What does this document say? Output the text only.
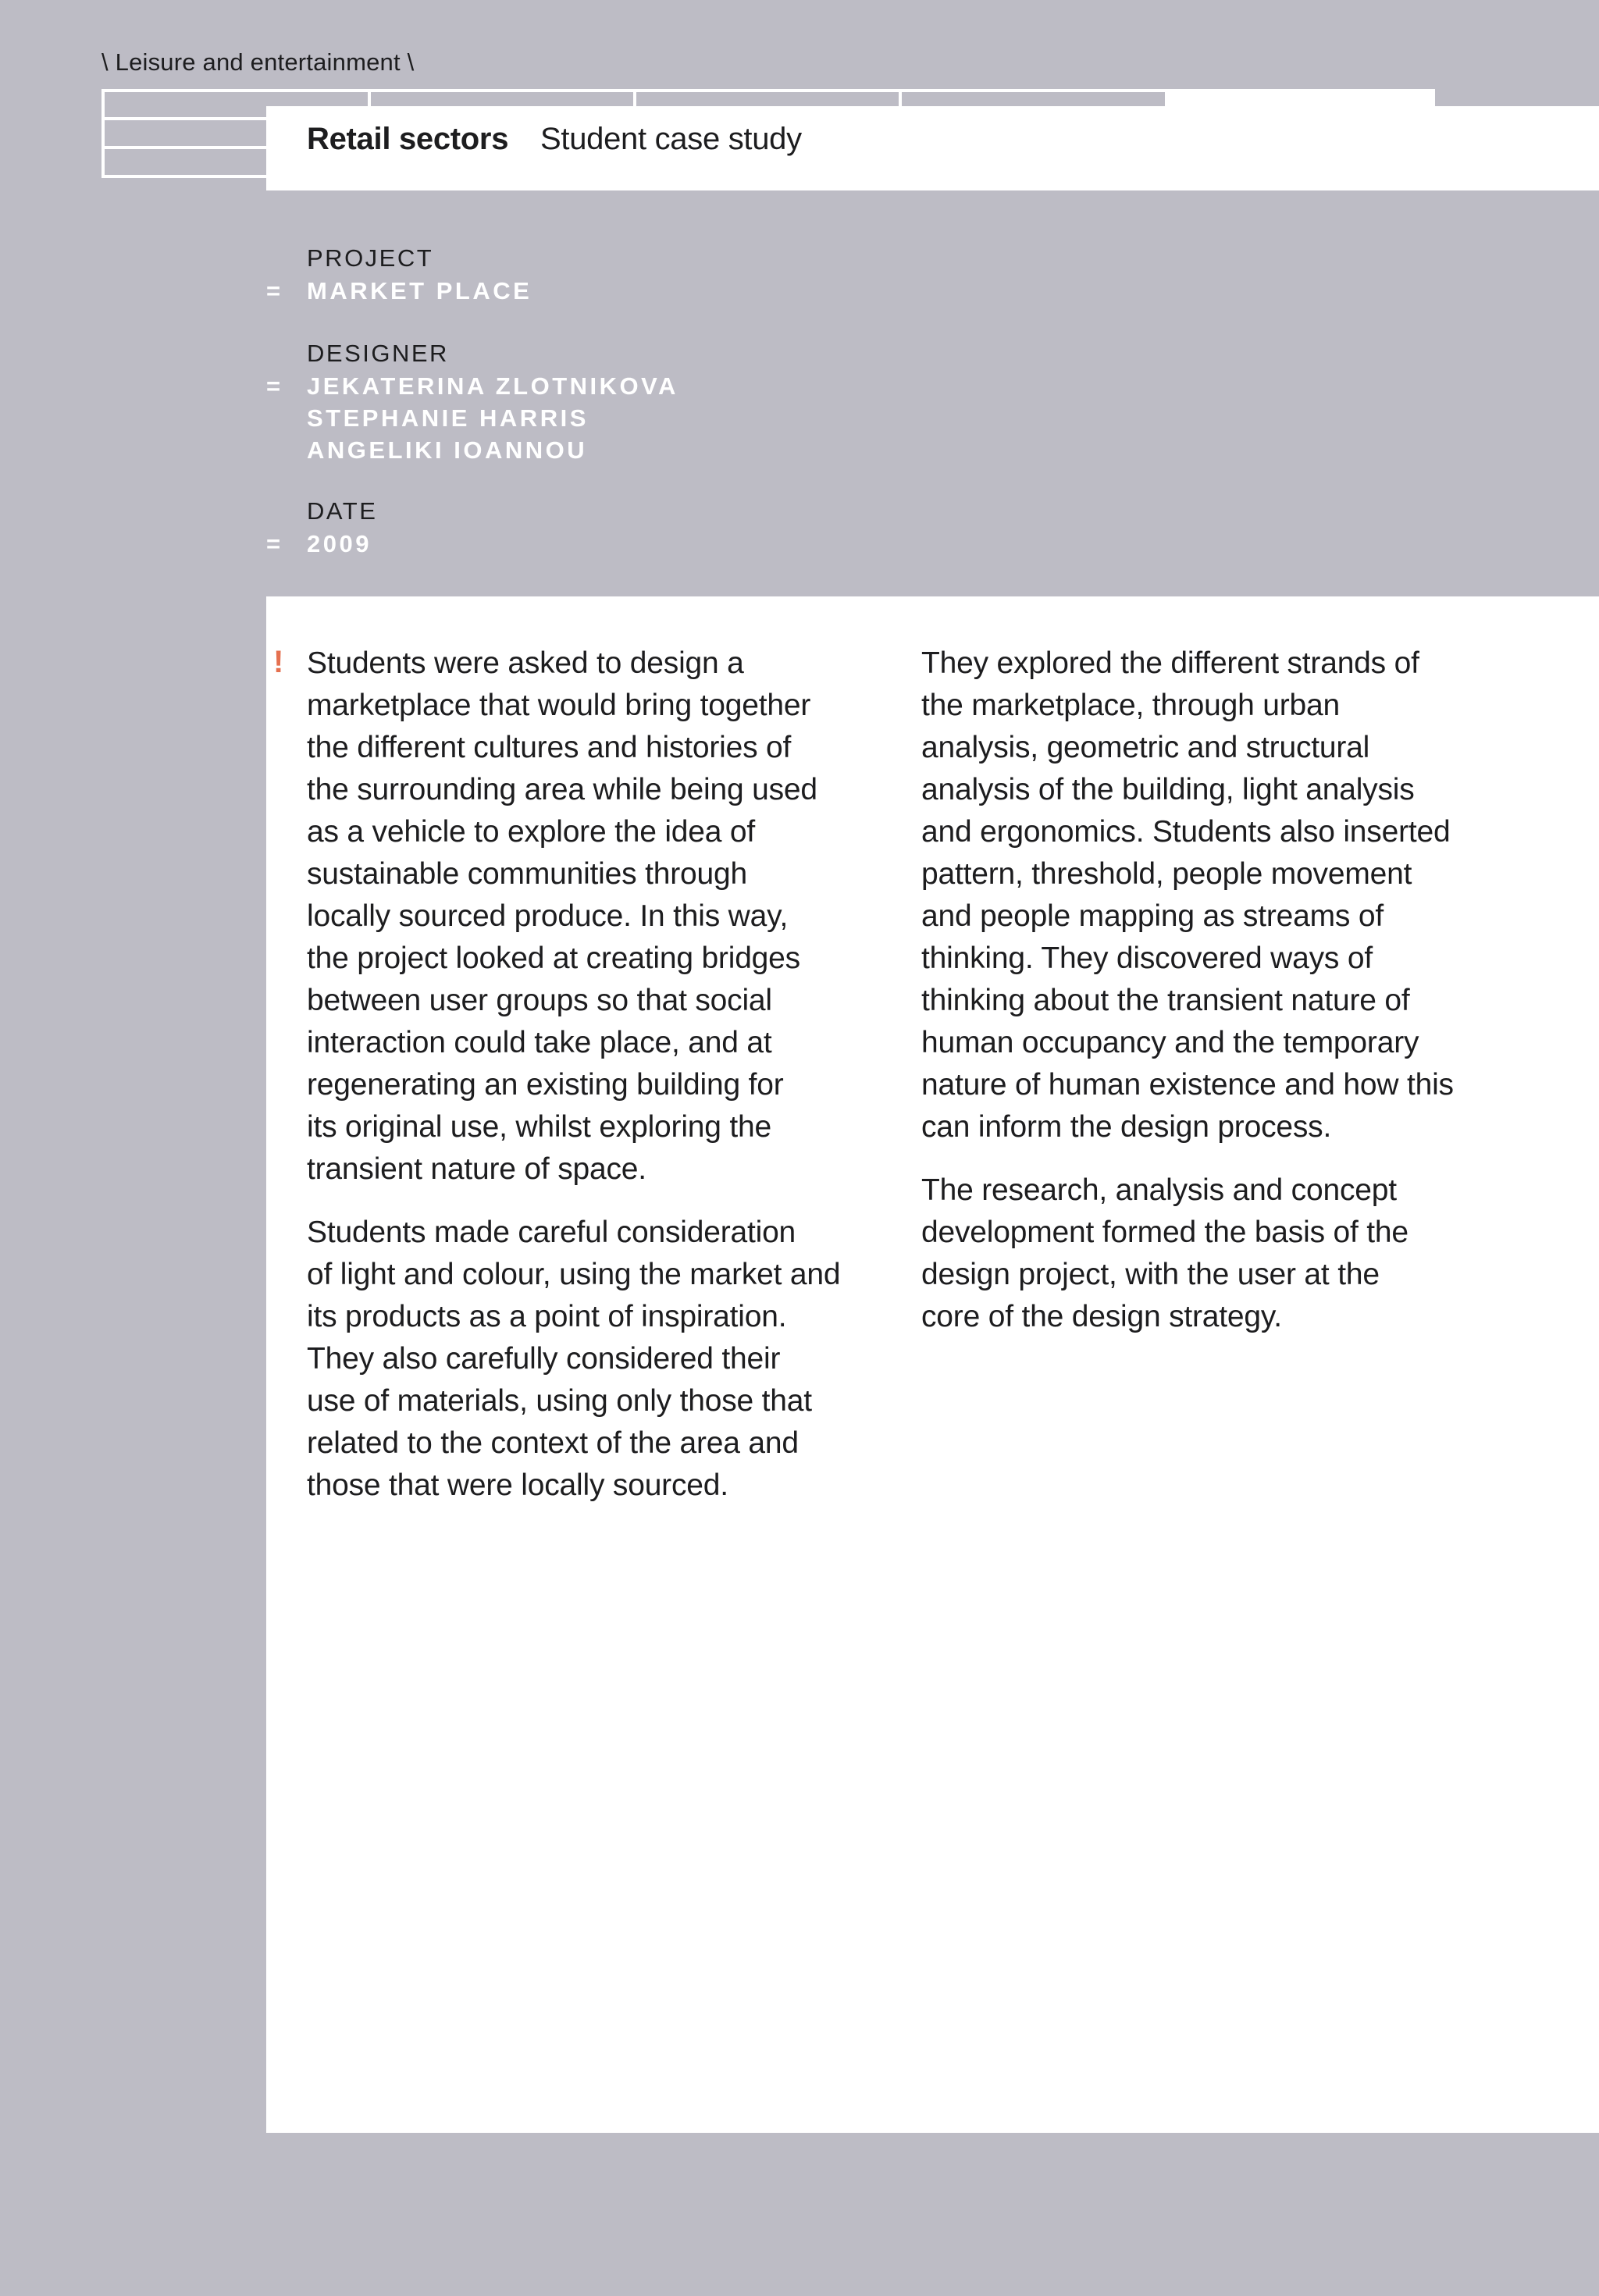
\ Leisure and entertainment \
Retail sectors Student case study
PROJECT
= MARKET PLACE
DESIGNER
= JEKATERINA ZLOTNIKOVA
STEPHANIE HARRIS
ANGELIKI IOANNOU
DATE
= 2009
! Students were asked to design a
marketplace that would bring together
the different cultures and histories of
the surrounding area while being used
as a vehicle to explore the idea of
sustainable communities through
locally sourced produce. In this way,
the project looked at creating bridges
between user groups so that social
interaction could take place, and at
regenerating an existing building for
its original use, whilst exploring the
transient nature of space.

Students made careful consideration
of light and colour, using the market and
its products as a point of inspiration.
They also carefully considered their
use of materials, using only those that
related to the context of the area and
those that were locally sourced.

They explored the different strands of
the marketplace, through urban
analysis, geometric and structural
analysis of the building, light analysis
and ergonomics. Students also inserted
pattern, threshold, people movement
and people mapping as streams of
thinking. They discovered ways of
thinking about the transient nature of
human occupancy and the temporary
nature of human existence and how this
can inform the design process.

The research, analysis and concept
development formed the basis of the
design project, with the user at the
core of the design strategy.
